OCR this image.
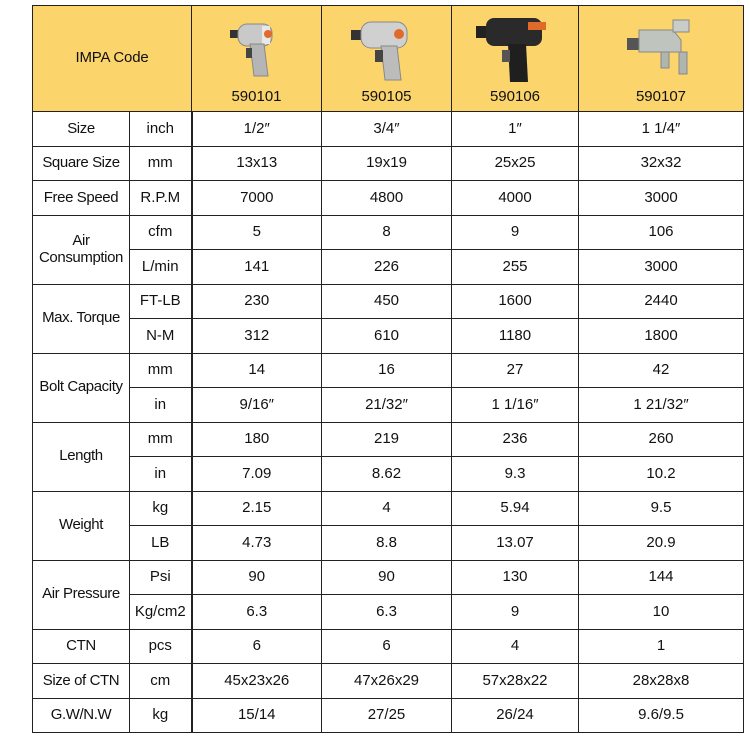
IMPA Code		590101	590105	590106	590107

Size	inch	1/2″	3/4″	1″	1 1/4″
Square Size	mm	13x13	19x19	25x25	32x32
Free Speed	R.P.M	7000	4800	4000	3000
Air Consumption	cfm	5	8	9	106
	L/min	141	226	255	3000
Max. Torque	FT-LB	230	450	1600	2440
	N-M	312	610	1180	1800
Bolt Capacity	mm	14	16	27	42
	in	9/16″	21/32″	1 1/16″	1 21/32″
Length	mm	180	219	236	260
	in	7.09	8.62	9.3	10.2
Weight	kg	2.15	4	5.94	9.5
	LB	4.73	8.8	13.07	20.9
Air Pressure	Psi	90	90	130	144
	Kg/cm2	6.3	6.3	9	10
CTN	pcs	6	6	4	1
Size of CTN	cm	45x23x26	47x26x29	57x28x22	28x28x8
G.W/N.W	kg	15/14	27/25	26/24	9.6/9.5
